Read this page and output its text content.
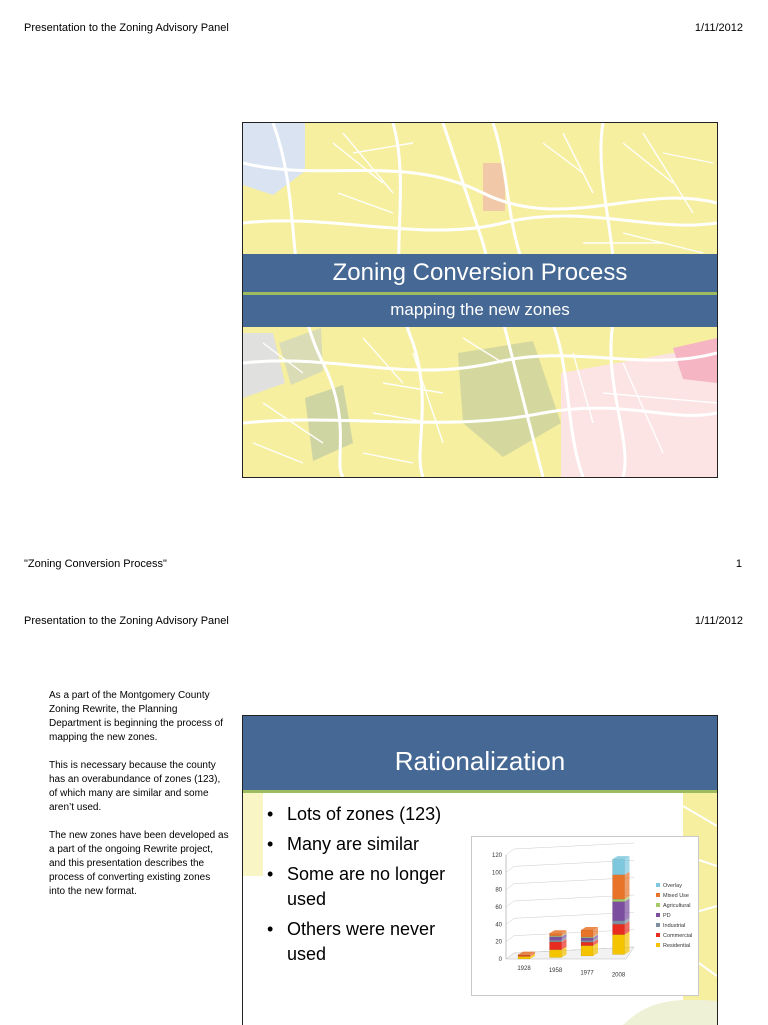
Presentation to the Zoning Advisory Panel	1/11/2012
Zoning Conversion Process
mapping the new zones
"Zoning Conversion Process"	1
Presentation to the Zoning Advisory Panel	1/11/2012

As a part of the Montgomery County Zoning Rewrite, the Planning Department is beginning the process of mapping the new zones.

This is necessary because the county has an overabundance of zones (123), of which many are similar and some aren’t used.

The new zones have been developed as a part of the ongoing Rewrite project, and this presentation describes the process of converting existing zones into the new format.

Rationalization
• Lots of zones (123)
• Many are similar
• Some are no longer used
• Others were never used	0
20
40
60
80
100
120
1928	1958	1977	2008
Overlay
Mixed Use
Agricultural
PD
Industrial
Commercial
Residential
